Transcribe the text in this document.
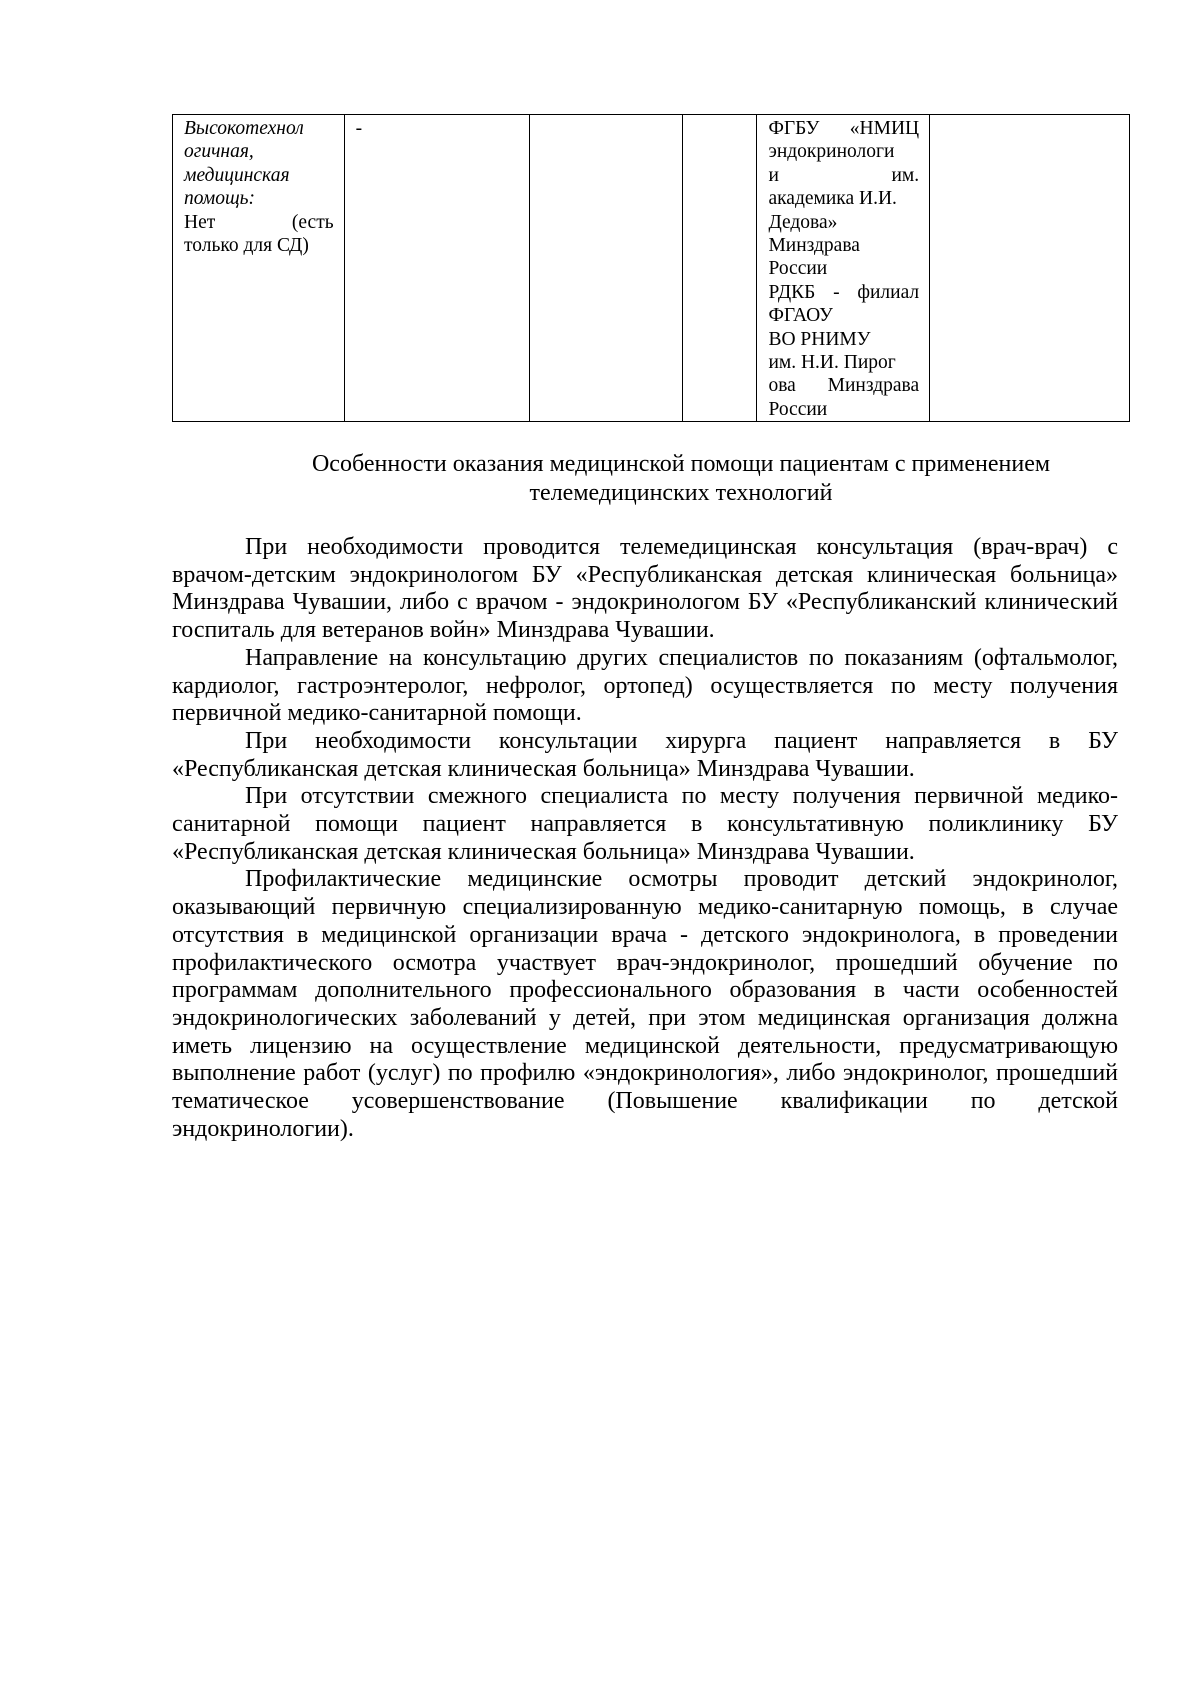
Высокотехнол
огичная,
медицинская
помощь:
Нет (есть
только для СД)
	-			ФГБУ «НМИЦ
эндокринологи
и им.
академика И.И.
Дедова»
Минздрава
России
РДКБ - филиал
ФГАОУ
ВО РНИМУ
им. Н.И. Пирог
ова Минздрава
России

Особенности оказания медицинской помощи пациентам с применением
телемедицинских технологий

При необходимости проводится телемедицинская консультация (врач-врач) с врачом-детским эндокринологом БУ «Республиканская детская клиническая больница» Минздрава Чувашии, либо с врачом - эндокринологом БУ «Республиканский клинический госпиталь для ветеранов войн» Минздрава Чувашии.

Направление на консультацию других специалистов по показаниям (офтальмолог, кардиолог, гастроэнтеролог, нефролог, ортопед) осуществляется по месту получения первичной медико-санитарной помощи.

При необходимости консультации хирурга пациент направляется в БУ «Республиканская детская клиническая больница» Минздрава Чувашии.

При отсутствии смежного специалиста по месту получения первичной медико-санитарной помощи пациент направляется в консультативную поликлинику БУ «Республиканская детская клиническая больница» Минздрава Чувашии.

Профилактические медицинские осмотры проводит детский эндокринолог, оказывающий первичную специализированную медико-санитарную помощь, в случае отсутствия в медицинской организации врача - детского эндокринолога, в проведении профилактического осмотра участвует врач-эндокринолог, прошедший обучение по программам дополнительного профессионального образования в части особенностей эндокринологических заболеваний у детей, при этом медицинская организация должна иметь лицензию на осуществление медицинской деятельности, предусматривающую выполнение работ (услуг) по профилю «эндокринология», либо эндокринолог, прошедший тематическое усовершенствование (Повышение квалификации по детской эндокринологии).
